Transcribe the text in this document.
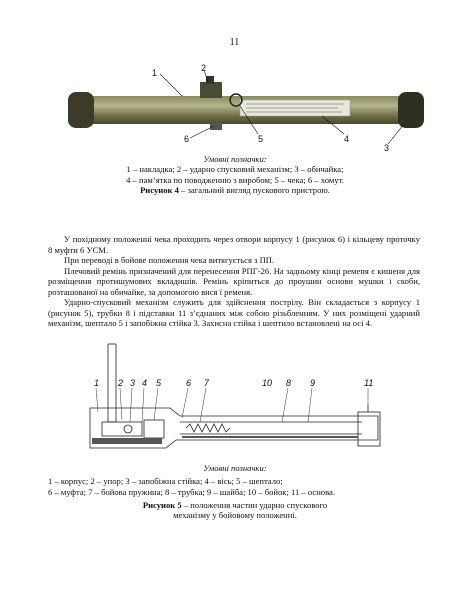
11
1	2
3
4
5
6
Умовні позначки:
1 – накладка; 2 – ударно спусковий механізм; 3 – обичайка;
4 – пам’ятка по поводженню з виробом; 5 – чека; 6 – хомут.
Рисунок 4 – загальний вигляд пускового пристрою.

У похідному положенні чека проходить через отвори корпусу 1 (рисунок 6) і кільцеву проточку 8 муфти 6 УСМ.

При переводі в бойове положення чека витягується з ПП.

Плечовий ремінь призначений для перенесення РПГ-26. На задньому кінці ременя є кишеня для розміщення протишумових вкладишів. Ремінь кріпиться до проушин основи мушки і скоби, розташованої на обичайке, за допомогою вися ї ременя.

Ударно-спусковий механізм служить для здійснення пострілу. Він складається з корпусу 1 (рисунок 5), трубки 8 і підставки 11 з’єднаних між собою різьбленням. У них розміщені ударний механізм, шептало 5 і запобіжна стійка 3. Захисна стійка і шептило встановлені на осі 4.

1 2 3 4 5	6 7	8 9
10	11
Умовні позначки:
1 – корпус; 2 – упор; 3 – запобіжна стійка; 4 – вісь; 5 – шептало;
6 – муфта; 7 – бойова пружина; 8 – трубка; 9 – шайба; 10 – бойок; 11 – основа.
Рисунок 5 – положення частин ударно спускового
механізму у бойовому положенні.
